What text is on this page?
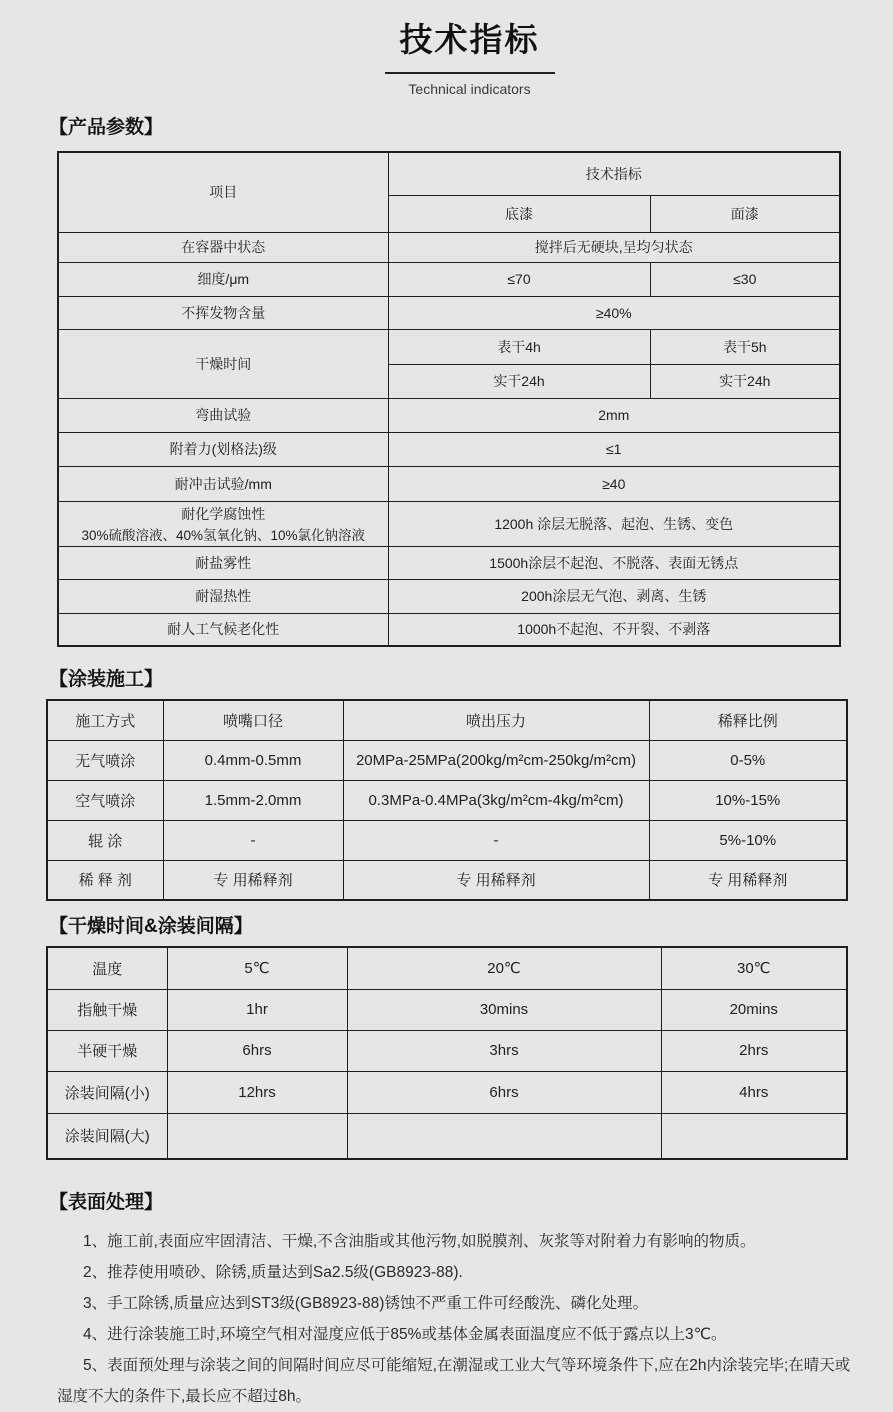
技术指标
Technical indicators
【产品参数】
项目	技术指标	
	底漆	面漆
在容器中状态	搅拌后无硬块,呈均匀状态	
细度/μm	≤70	≤30
不挥发物含量	≥40%	
干燥时间	表干4h	表干5h
	实干24h	实干24h
弯曲试验	2mm	
附着力(划格法)级	≤1	
耐冲击试验/mm	≥40	

耐化学腐蚀性
30%硫酸溶液、40%氢氧化钠、10%氯化钠溶液	1200h 涂层无脱落、起泡、生锈、变色	
耐盐雾性	1500h涂层不起泡、不脱落、表面无锈点	
耐湿热性	200h涂层无气泡、剥离、生锈	
耐人工气候老化性	1000h不起泡、不开裂、不剥落	
【涂装施工】
施工方式	喷嘴口径	喷出压力	稀释比例
无气喷涂	0.4mm-0.5mm	20MPa-25MPa(200kg/m²cm-250kg/m²cm)	0-5%
空气喷涂	1.5mm-2.0mm	0.3MPa-0.4MPa(3kg/m²cm-4kg/m²cm)	10%-15%
辊 涂	-	-	5%-10%
稀 释 剂	专 用稀释剂	专 用稀释剂	专 用稀释剂
【干燥时间&涂装间隔】
温度	5℃	20℃	30℃
指触干燥	1hr	30mins	20mins
半硬干燥	6hrs	3hrs	2hrs
涂装间隔(小)	12hrs	6hrs	4hrs
涂装间隔(大)			
【表面处理】

1、施工前,表面应牢固清洁、干燥,不含油脂或其他污物,如脱膜剂、灰浆等对附着力有影响的物质。

2、推荐使用喷砂、除锈,质量达到Sa2.5级(GB8923-88).

3、手工除锈,质量应达到ST3级(GB8923-88)锈蚀不严重工件可经酸洗、磷化处理。

4、进行涂装施工时,环境空气相对湿度应低于85%或基体金属表面温度应不低于露点以上3℃。

5、表面预处理与涂装之间的间隔时间应尽可能缩短,在潮湿或工业大气等环境条件下,应在2h内涂装完毕;在晴天或湿度不大的条件下,最长应不超过8h。
